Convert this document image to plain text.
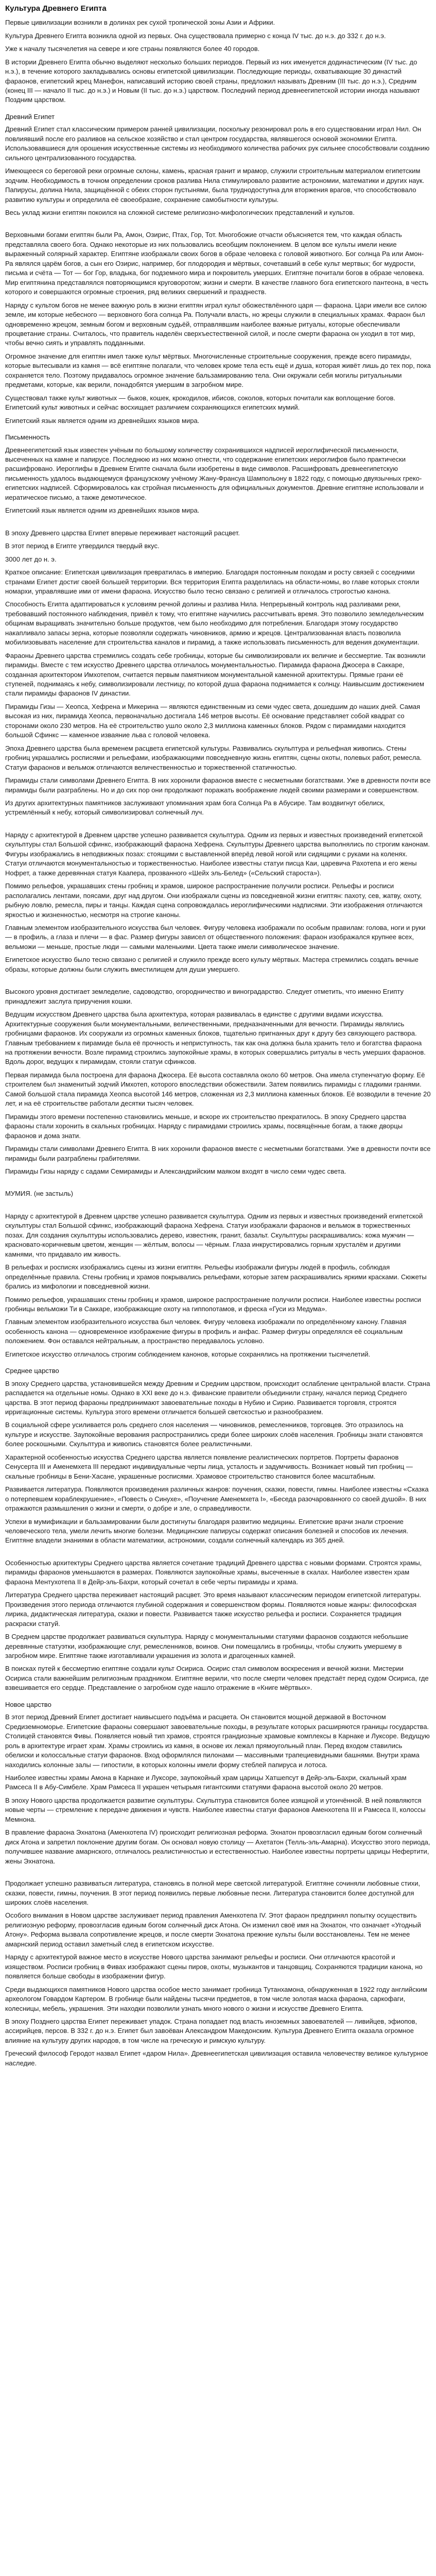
Культура Древнего Египта

Первые цивилизации возникли в долинах рек сухой тропической зоны Азии и Африки.

Культура Древнего Египта возникла одной из первых. Она существовала примерно с конца IV тыс. до н.э. до 332 г. до н.э.

Уже к началу тысячелетия на севере и юге страны появляются более 40 городов.

В истории Древнего Египта обычно выделяют несколько больших периодов. Первый из них именуется додинастическим (IV тыс. до н.э.), в течение которого закладывались основы египетской цивилизации. Последующие периоды, охватывающие 30 династий фараонов, египетский жрец Манефон, написавший историю своей страны, предложил называть Древним (III тыс. до н.э.), Средним (конец III — начало II тыс. до н.э.) и Новым (II тыс. до н.э.) царством. Последний период древнеегипетской истории иногда называют Поздним царством.

Древний Египет

Древний Египет стал классическим примером ранней цивилизации, поскольку резонировал роль в его существовании играл Нил. Он повлиявший после его разливов на сельское хозяйство и стал центром государства, являвшегося основой экономики Египта. Использовавшиеся для орошения искусственные системы из необходимого количества рабочих рук сильнее способствовали созданию сильного централизованного государства.

Имеющееся со береговой реки огромные склоны, камень, красная гранит и мрамор, служили строительным материалом египетским зодчим. Необходимость в точном определении сроков разлива Нила стимулировало развитие астрономии, математики и других наук. Папирусы, долина Нила, защищённой с обеих сторон пустынями, была труднодоступна для вторжения врагов, что способствовало развитию культуры и определила её своеобразие, сохранение самобытности культуры.

Весь уклад жизни египтян покоился на сложной системе религиозно-мифологических представлений и культов.

Верховными богами египтян были Ра, Амон, Озирис, Птах, Гор, Тот. Многобожие отчасти объясняется тем, что каждая область представляла своего бога. Однако некоторые из них пользовались всеобщим поклонением. В целом все культы имели некие выраженный солярный характер. Египтяне изображали своих богов в образе человека с головой животного. Бог солнца Ра или Амон-Ра являлся царём богов, а сын его Озирис, например, бог плодородия и мёртвых, сочетавший в себе культ мертвых; бог мудрости, письма и счёта — Тот — бог Гор, владыка, бог подземного мира и покровитель умерших. Египтяне почитали богов в образе человека. Мир египтянина представлялся повторяющимся круговоротом; жизни и смерти. В качестве главного бога египетского пантеона, в честь которого и совершаются огромные строения, ряд великих свершений и празднеств.

Наряду с культом богов не менее важную роль в жизни египтян играл культ обожествлённого царя — фараона. Цари имели все силою земле, им которые небесного — верховного бога солнца Ра. Получали власть, но жрецы служили в специальных храмах. Фараон был одновременно жрецом, земным богом и верховным судьёй, отправлявшим наиболее важные ритуалы, которые обеспечивали процветание страны. Считалось, что правитель наделён сверхъестественной силой, и после смерти фараона он уходил в тот мир, чтобы вечно сиять и управлять подданными.

Огромное значение для египтян имел также культ мёртвых. Многочисленные строительные сооружения, прежде всего пирамиды, которые вытесывали из камня — всё египтяне полагали, что человек кроме тела есть ещё и душа, которая живёт лишь до тех пор, пока сохраняется тело. Поэтому придавалось огромное значение бальзамированию тела. Они окружали себя могилы ритуальными предметами, которые, как верили, понадобятся умершим в загробном мире.

Существовал также культ животных — быков, кошек, крокодилов, ибисов, соколов, которых почитали как воплощение богов. Египетский культ животных и сейчас восхищает различием сохраняющихся египетских мумий.

Египетский язык является одним из древнейших языков мира.

Письменность

Древнеегипетский язык известен учёным по большому количеству сохранившихся надписей иероглифической письменности, высеченных на камне и папирусе. Последнюю из них можно отнести, что содержание египетских иероглифов было практически расшифровано. Иероглифы в Древнем Египте сначала были изобретены в виде символов. Расшифровать древнеегипетскую письменность удалось выдающемуся французскому учёному Жану-Франсуа Шампольону в 1822 году, с помощью двуязычных греко-египетских надписей. Сформировалось как стройная письменность для официальных документов. Древние египтяне использовали и иератическое письмо, а также демотическое.

Египетский язык является одним из древнейших языков мира.

В эпоху Древнего царства Египет впервые переживает настоящий расцвет.

В этот период в Египте утвердился твердый вкус.

3000 лет до н. э.

Краткое описание: Египетская цивилизация превратилась в империю. Благодаря постоянным походам и росту связей с соседними странами Египет достиг своей большей территории. Вся территория Египта разделилась на области-номы, во главе которых стояли номархи, управлявшие ими от имени фараона. Искусство было тесно связано с религией и отличалось строгостью канона.

Способность Египта адаптироваться к условиям речной долины и разлива Нила. Непрерывный контроль над разливами реки, требовавший постоянного наблюдения, привёл к тому, что египтяне научились рассчитывать время. Это позволило земледельческим общинам выращивать значительно больше продуктов, чем было необходимо для потребления. Благодаря этому государство накапливало запасы зерна, которые позволяли содержать чиновников, армию и жрецов. Централизованная власть позволила мобилизовывать население для строительства каналов и пирамид, а также использовать письменность для ведения документации.

Фараоны Древнего царства стремились создать себе гробницы, которые бы символизировали их величие и бессмертие. Так возникли пирамиды. Вместе с тем искусство Древнего царства отличалось монументальностью. Пирамида фараона Джосера в Саккаре, созданная архитектором Имхотепом, считается первым памятником монументальной каменной архитектуры. Прямые грани её ступеней, поднимаясь к небу, символизировали лестницу, по которой душа фараона поднимается к солнцу. Наивысшим достижением стали пирамиды фараонов IV династии.

Пирамиды Гизы — Хеопса, Хефрена и Микерина — являются единственным из семи чудес света, дошедшим до наших дней. Самая высокая из них, пирамида Хеопса, первоначально достигала 146 метров высоты. Её основание представляет собой квадрат со сторонами около 230 метров. На её строительство ушло около 2,3 миллиона каменных блоков. Рядом с пирамидами находится большой Сфинкс — каменное изваяние льва с головой человека.

Эпоха Древнего царства была временем расцвета египетской культуры. Развивались скульптура и рельефная живопись. Стены гробниц украшались росписями и рельефами, изображающими повседневную жизнь египтян, сцены охоты, полевых работ, ремесла. Статуи фараонов и вельмож отличаются величественностью и торжественной статичностью.

Пирамиды стали символами Древнего Египта. В них хоронили фараонов вместе с несметными богатствами. Уже в древности почти все пирамиды были разграблены. Но и до сих пор они продолжают поражать воображение людей своими размерами и совершенством.

Из других архитектурных памятников заслуживают упоминания храм бога Солнца Ра в Абусире. Там воздвигнут обелиск, устремлённый к небу, который символизировал солнечный луч.

Наряду с архитектурой в Древнем царстве успешно развивается скульптура. Одним из первых и известных произведений египетской скульптуры стал Большой сфинкс, изображающий фараона Хефрена. Скульптуры Древнего царства выполнялись по строгим канонам. Фигуры изображались в неподвижных позах: стоящими с выставленной вперёд левой ногой или сидящими с руками на коленях. Статуи отличаются монументальностью и торжественностью. Наиболее известны статуи писца Каи, царевича Рахотепа и его жены Нофрет, а также деревянная статуя Каапера, прозванного «Шейх эль-Белед» («Сельский староста»).

Помимо рельефов, украшавших стены гробниц и храмов, широкое распространение получили росписи. Рельефы и росписи располагались лентами, поясами, друг над другом. Они изображали сцены из повседневной жизни египтян: пахоту, сев, жатву, охоту, рыбную ловлю, ремесла, пиры и танцы. Каждая сцена сопровождалась иероглифическими надписями. Эти изображения отличаются яркостью и жизненностью, несмотря на строгие каноны.

Главным элементом изобразительного искусства был человек. Фигуру человека изображали по особым правилам: голова, ноги и руки — в профиль, а глаза и плечи — в фас. Размер фигуры зависел от общественного положения: фараон изображался крупнее всех, вельможи — меньше, простые люди — самыми маленькими. Цвета также имели символическое значение.

Египетское искусство было тесно связано с религией и служило прежде всего культу мёртвых. Мастера стремились создать вечные образы, которые должны были служить вместилищем для души умершего.

Высокого уровня достигает земледелие, садоводство, огородничество и виноградарство. Следует отметить, что именно Египту принадлежит заслуга приручения кошки.

Ведущим искусством Древнего царства была архитектура, которая развивалась в единстве с другими видами искусства. Архитектурные сооружения были монументальными, величественными, предназначенными для вечности. Пирамиды являлись гробницами фараонов. Их сооружали из огромных каменных блоков, тщательно пригнанных друг к другу без связующего раствора. Главным требованием к пирамиде была её прочность и неприступность, так как она должна была хранить тело и богатства фараона на протяжении вечности. Возле пирамид строились заупокойные храмы, в которых совершались ритуалы в честь умерших фараонов. Вдоль дорог, ведущих к пирамидам, стояли статуи сфинксов.

Первая пирамида была построена для фараона Джосера. Её высота составляла около 60 метров. Она имела ступенчатую форму. Её строителем был знаменитый зодчий Имхотеп, которого впоследствии обожествили. Затем появились пирамиды с гладкими гранями. Самой большой стала пирамида Хеопса высотой 146 метров, сложенная из 2,3 миллиона каменных блоков. Её возводили в течение 20 лет, и на её строительстве работали десятки тысяч человек.

Пирамиды этого времени постепенно становились меньше, и вскоре их строительство прекратилось. В эпоху Среднего царства фараоны стали хоронить в скальных гробницах. Наряду с пирамидами строились храмы, посвящённые богам, а также дворцы фараонов и дома знати.

Пирамиды стали символами Древнего Египта. В них хоронили фараонов вместе с несметными богатствами. Уже в древности почти все пирамиды были разграблены грабителями.

Пирамиды Гизы наряду с садами Семирамиды и Александрийским маяком входят в число семи чудес света.

МУМИЯ. (не застыль)

Наряду с архитектурой в Древнем царстве успешно развивается скульптура. Одним из первых и известных произведений египетской скульптуры стал Большой сфинкс, изображающий фараона Хефрена. Статуи изображали фараонов и вельмож в торжественных позах. Для создания скульптуры использовались дерево, известняк, гранит, базальт. Скульптуры раскрашивались: кожа мужчин — красновато-коричневым цветом, женщин — жёлтым, волосы — чёрным. Глаза инкрустировались горным хрусталём и другими камнями, что придавало им живость.

В рельефах и росписях изображались сцены из жизни египтян. Рельефы изображали фигуры людей в профиль, соблюдая определённые правила. Стены гробниц и храмов покрывались рельефами, которые затем раскрашивались яркими красками. Сюжеты брались из мифологии и повседневной жизни.

Помимо рельефов, украшавших стены гробниц и храмов, широкое распространение получили росписи. Наиболее известны росписи гробницы вельможи Ти в Саккаре, изображающие охоту на гиппопотамов, и фреска «Гуси из Медума».

Главным элементом изобразительного искусства был человек. Фигуру человека изображали по определённому канону. Главная особенность канона — одновременное изображение фигуры в профиль и анфас. Размер фигуры определялся её социальным положением. Фон оставался нейтральным, а пространство передавалось условно.

Египетское искусство отличалось строгим соблюдением канонов, которые сохранялись на протяжении тысячелетий.

Среднее царство

В эпоху Среднего царства, установившейся между Древним и Средним царством, происходит ослабление центральной власти. Страна распадается на отдельные номы. Однако в XXI веке до н.э. фиванские правители объединили страну, начался период Среднего царства. В этот период фараоны предпринимают завоевательные походы в Нубию и Сирию. Развивается торговля, строятся ирригационные системы. Культура этого времени отличается большей светскостью и разнообразием.

В социальной сфере усиливается роль среднего слоя населения — чиновников, ремесленников, торговцев. Это отразилось на культуре и искусстве. Заупокойные верования распространились среди более широких слоёв населения. Гробницы знати становятся более роскошными. Скульптура и живопись становятся более реалистичными.

Характерной особенностью искусства Среднего царства является появление реалистических портретов. Портреты фараонов Сенусерта III и Аменемхета III передают индивидуальные черты лица, усталость и задумчивость. Возникает новый тип гробниц — скальные гробницы в Бени-Хасане, украшенные росписями. Храмовое строительство становится более масштабным.

Развивается литература. Появляются произведения различных жанров: поучения, сказки, повести, гимны. Наиболее известны «Сказка о потерпевшем кораблекрушение», «Повесть о Синухе», «Поучение Аменемхета I», «Беседа разочарованного со своей душой». В них отражаются размышления о жизни и смерти, о добре и зле, о справедливости.

Успехи в мумификации и бальзамировании были достигнуты благодаря развитию медицины. Египетские врачи знали строение человеческого тела, умели лечить многие болезни. Медицинские папирусы содержат описания болезней и способов их лечения. Египтяне владели знаниями в области математики, астрономии, создали солнечный календарь из 365 дней.

Особенностью архитектуры Среднего царства является сочетание традиций Древнего царства с новыми формами. Строятся храмы, пирамиды фараонов уменьшаются в размерах. Появляются заупокойные храмы, высеченные в скалах. Наиболее известен храм фараона Ментухотепа II в Дейр-эль-Бахри, который сочетал в себе черты пирамиды и храма.

Литература Среднего царства переживает настоящий расцвет. Это время называют классическим периодом египетской литературы. Произведения этого периода отличаются глубиной содержания и совершенством формы. Появляются новые жанры: философская лирика, дидактическая литература, сказки и повести. Развивается также искусство рельефа и росписи. Сохраняется традиция раскраски статуй.

В Среднем царстве продолжает развиваться скульптура. Наряду с монументальными статуями фараонов создаются небольшие деревянные статуэтки, изображающие слуг, ремесленников, воинов. Они помещались в гробницы, чтобы служить умершему в загробном мире. Египтяне также изготавливали украшения из золота и драгоценных камней.

В поисках путей к бессмертию египтяне создали культ Осириса. Осирис стал символом воскресения и вечной жизни. Мистерии Осириса стали важнейшим религиозным праздником. Египтяне верили, что после смерти человек предстаёт перед судом Осириса, где взвешивается его сердце. Представление о загробном суде нашло отражение в «Книге мёртвых».

Новое царство

В этот период Древний Египет достигает наивысшего подъёма и расцвета. Он становится мощной державой в Восточном Средиземноморье. Египетские фараоны совершают завоевательные походы, в результате которых расширяются границы государства. Столицей становятся Фивы. Появляется новый тип храмов, строятся грандиозные храмовые комплексы в Карнаке и Луксоре. Ведущую роль в архитектуре играет храм. Храмы строились из камня, в основе их лежал прямоугольный план. Перед входом ставились обелиски и колоссальные статуи фараонов. Вход оформлялся пилонами — массивными трапециевидными башнями. Внутри храма находились колонные залы — гипостили, в которых колонны имели форму стеблей папируса и лотоса.

Наиболее известны храмы Амона в Карнаке и Луксоре, заупокойный храм царицы Хатшепсут в Дейр-эль-Бахри, скальный храм Рамсеса II в Абу-Симбеле. Храм Рамсеса II украшен четырьмя гигантскими статуями фараона высотой около 20 метров.

В эпоху Нового царства продолжается развитие скульптуры. Скульптура становится более изящной и утончённой. В ней появляются новые черты — стремление к передаче движения и чувств. Наиболее известны статуи фараонов Аменхотепа III и Рамсеса II, колоссы Мемнона.

В правление фараона Эхнатона (Аменхотепа IV) происходит религиозная реформа. Эхнатон провозгласил единым богом солнечный диск Атона и запретил поклонение другим богам. Он основал новую столицу — Ахетатон (Телль-эль-Амарна). Искусство этого периода, получившее название амарнского, отличалось реалистичностью и естественностью. Наиболее известны портреты царицы Нефертити, жены Эхнатона.

Продолжает успешно развиваться литература, становясь в полной мере светской литературой. Египтяне сочиняли любовные стихи, сказки, повести, гимны, поучения. В этот период появились первые любовные песни. Литература становится более доступной для широких слоёв населения.

Особого внимания в Новом царстве заслуживает период правления Аменхотепа IV. Этот фараон предпринял попытку осуществить религиозную реформу, провозгласив единым богом солнечный диск Атона. Он изменил своё имя на Эхнатон, что означает «Угодный Атону». Реформа вызвала сопротивление жрецов, и после смерти Эхнатона прежние культы были восстановлены. Тем не менее амарнский период оставил заметный след в египетском искусстве.

Наряду с архитектурой важное место в искусстве Нового царства занимают рельефы и росписи. Они отличаются красотой и изяществом. Росписи гробниц в Фивах изображают сцены пиров, охоты, музыкантов и танцовщиц. Сохраняются традиции канона, но появляется больше свободы в изображении фигур.

Среди выдающихся памятников Нового царства особое место занимает гробница Тутанхамона, обнаруженная в 1922 году английским археологом Говардом Картером. В гробнице были найдены тысячи предметов, в том числе золотая маска фараона, саркофаги, колесницы, мебель, украшения. Эти находки позволили узнать много нового о жизни и искусстве Древнего Египта.

В эпоху Позднего царства Египет переживает упадок. Страна попадает под власть иноземных завоевателей — ливийцев, эфиопов, ассирийцев, персов. В 332 г. до н.э. Египет был завоёван Александром Македонским. Культура Древнего Египта оказала огромное влияние на культуру других народов, в том числе на греческую и римскую культуру.

Греческий философ Геродот назвал Египет «даром Нила». Древнеегипетская цивилизация оставила человечеству великое культурное наследие.
